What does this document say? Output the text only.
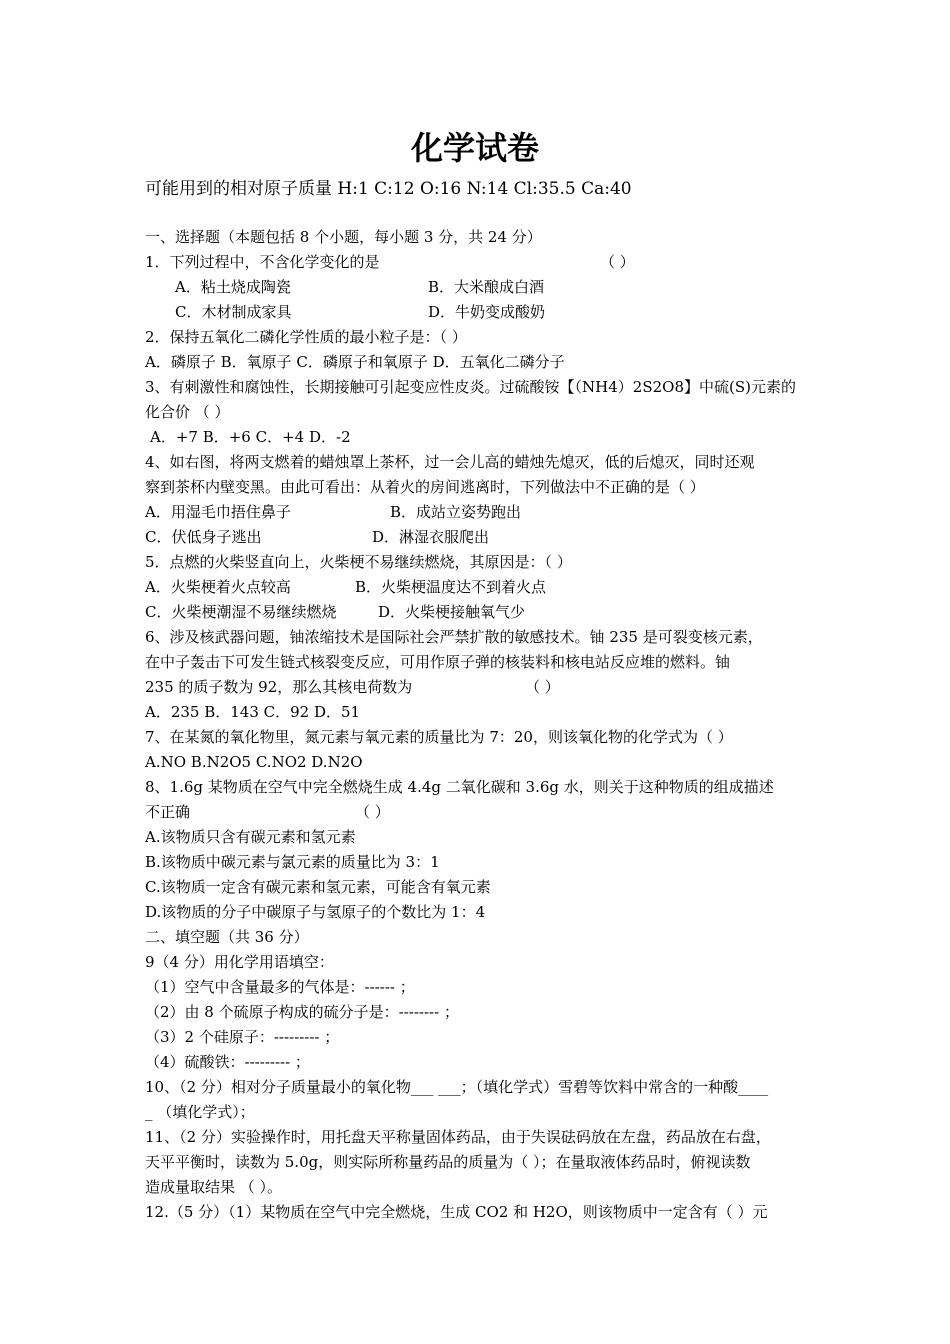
化学试卷
可能用到的相对原子质量 H:1 C:12 O:16 N:14 Cl:35.5 Ca:40
一、选择题（本题包括 8 个小题，每小题 3 分，共 24 分）
1．下列过程中，不含化学变化的是	（ ）
A．粘土烧成陶瓷	B．大米酿成白酒
C．木材制成家具	D．牛奶变成酸奶
2．保持五氧化二磷化学性质的最小粒子是：（ ）
A．磷原子 B．氧原子 C．磷原子和氧原子 D．五氧化二磷分子
3、有刺激性和腐蚀性，长期接触可引起变应性皮炎。过硫酸铵【（NH4）2S2O8】中硫(S)元素的
化合价 （ ）
A．+7 B．+6 C．+4 D．-2
4、如右图，将两支燃着的蜡烛罩上茶杯，过一会儿高的蜡烛先熄灭，低的后熄灭，同时还观
察到茶杯内壁变黑。由此可看出：从着火的房间逃离时，下列做法中不正确的是（ ）
A．用湿毛巾捂住鼻子	B．成站立姿势跑出
C．伏低身子逃出	D．淋湿衣服爬出
5．点燃的火柴竖直向上，火柴梗不易继续燃烧，其原因是：（ ）
A．火柴梗着火点较高	B．火柴梗温度达不到着火点
C．火柴梗潮湿不易继续燃烧	D．火柴梗接触氧气少
6、涉及核武器问题，铀浓缩技术是国际社会严禁扩散的敏感技术。铀 235 是可裂变核元素，
在中子轰击下可发生链式核裂变反应，可用作原子弹的核装料和核电站反应堆的燃料。铀
235 的质子数为 92，那么其核电荷数为	（ ）
A．235 B．143 C．92 D．51
7、在某氮的氧化物里，氮元素与氧元素的质量比为 7：20，则该氧化物的化学式为（ ）
A.NO B.N2O5 C.NO2 D.N2O
8、1.6g 某物质在空气中完全燃烧生成 4.4g 二氧化碳和 3.6g 水，则关于这种物质的组成描述
不正确	（ ）
A.该物质只含有碳元素和氢元素
B.该物质中碳元素与氯元素的质量比为 3：1
C.该物质一定含有碳元素和氢元素，可能含有氧元素
D.该物质的分子中碳原子与氢原子的个数比为 1：4
二、填空题（共 36 分）
9（4 分）用化学用语填空：
（1）空气中含量最多的气体是：------ ；
（2）由 8 个硫原子构成的硫分子是：-------- ；
（3）2 个硅原子：--------- ；
（4）硫酸铁：--------- ；
10、（2 分）相对分子质量最小的氧化物___ ___；（填化学式）雪碧等饮料中常含的一种酸____
_ （填化学式）；
11、（2 分）实验操作时，用托盘天平称量固体药品，由于失误砝码放在左盘，药品放在右盘，
天平平衡时，读数为 5.0g，则实际所称量药品的质量为（ ）；在量取液体药品时，俯视读数
造成量取结果 （ ）。
12.（5 分）（1）某物质在空气中完全燃烧，生成 CO2 和 H2O，则该物质中一定含有（ ）元
